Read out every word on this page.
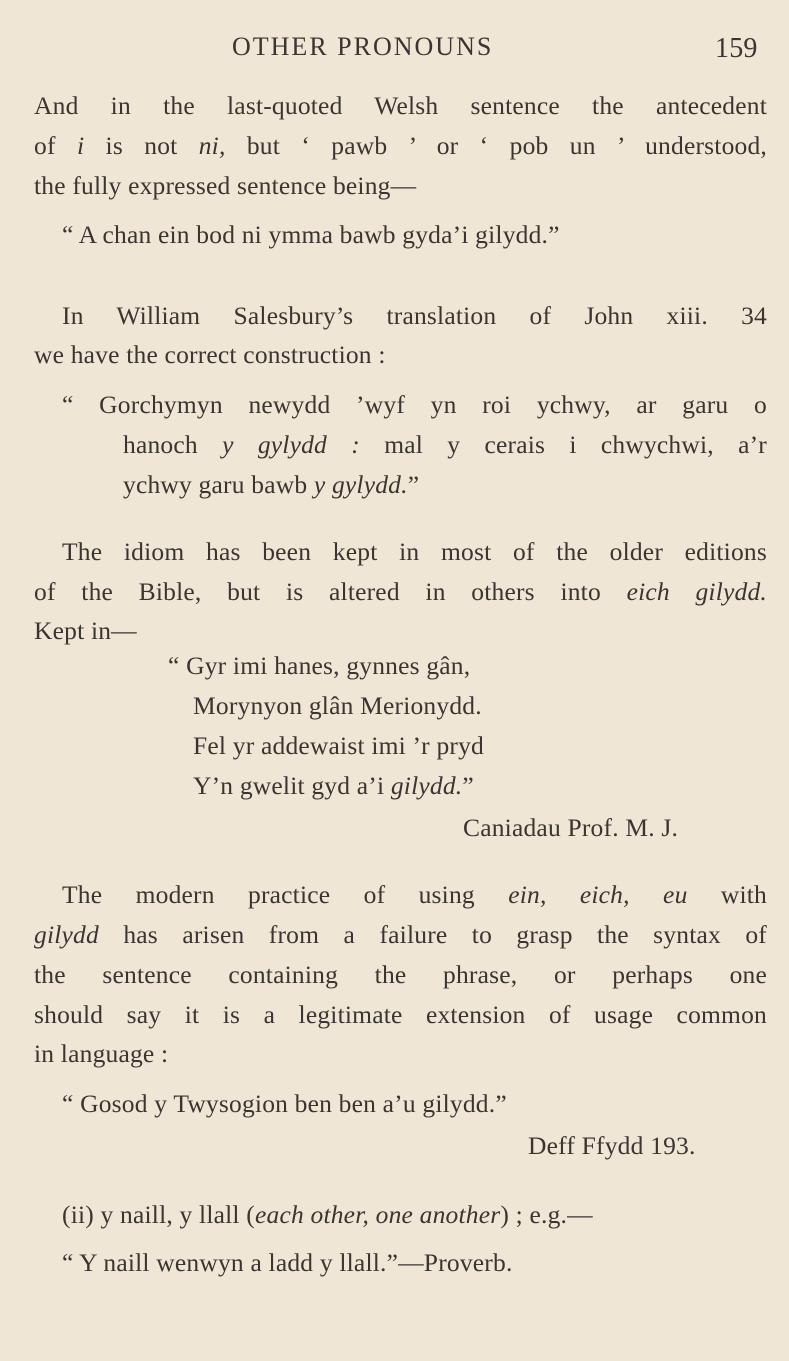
OTHER PRONOUNS	159

And in the last-quoted Welsh sentence the antecedent

of i is not ni, but ‘ pawb ’ or ‘ pob un ’ understood,

the fully expressed sentence being—

“ A chan ein bod ni ymma bawb gyda’i gilydd.”

In William Salesbury’s translation of John xiii. 34

we have the correct construction :

“ Gorchymyn newydd ’wyf yn roi ychwy, ar garu o

hanoch y gylydd : mal y cerais i chwychwi, a’r

ychwy garu bawb y gylydd.”

The idiom has been kept in most of the older editions

of the Bible, but is altered in others into eich gilydd.

Kept in—

“ Gyr imi hanes, gynnes gân,

Morynyon glân Merionydd.

Fel yr addewaist imi ’r pryd

Y’n gwelit gyd a’i gilydd.”

Caniadau Prof. M. J.

The modern practice of using ein, eich, eu with

gilydd has arisen from a failure to grasp the syntax of

the sentence containing the phrase, or perhaps one

should say it is a legitimate extension of usage common

in language :

“ Gosod y Twysogion ben ben a’u gilydd.”

Deff Ffydd 193.

(ii) y naill, y llall (each other, one another) ; e.g.—

“ Y naill wenwyn a ladd y llall.”—Proverb.
